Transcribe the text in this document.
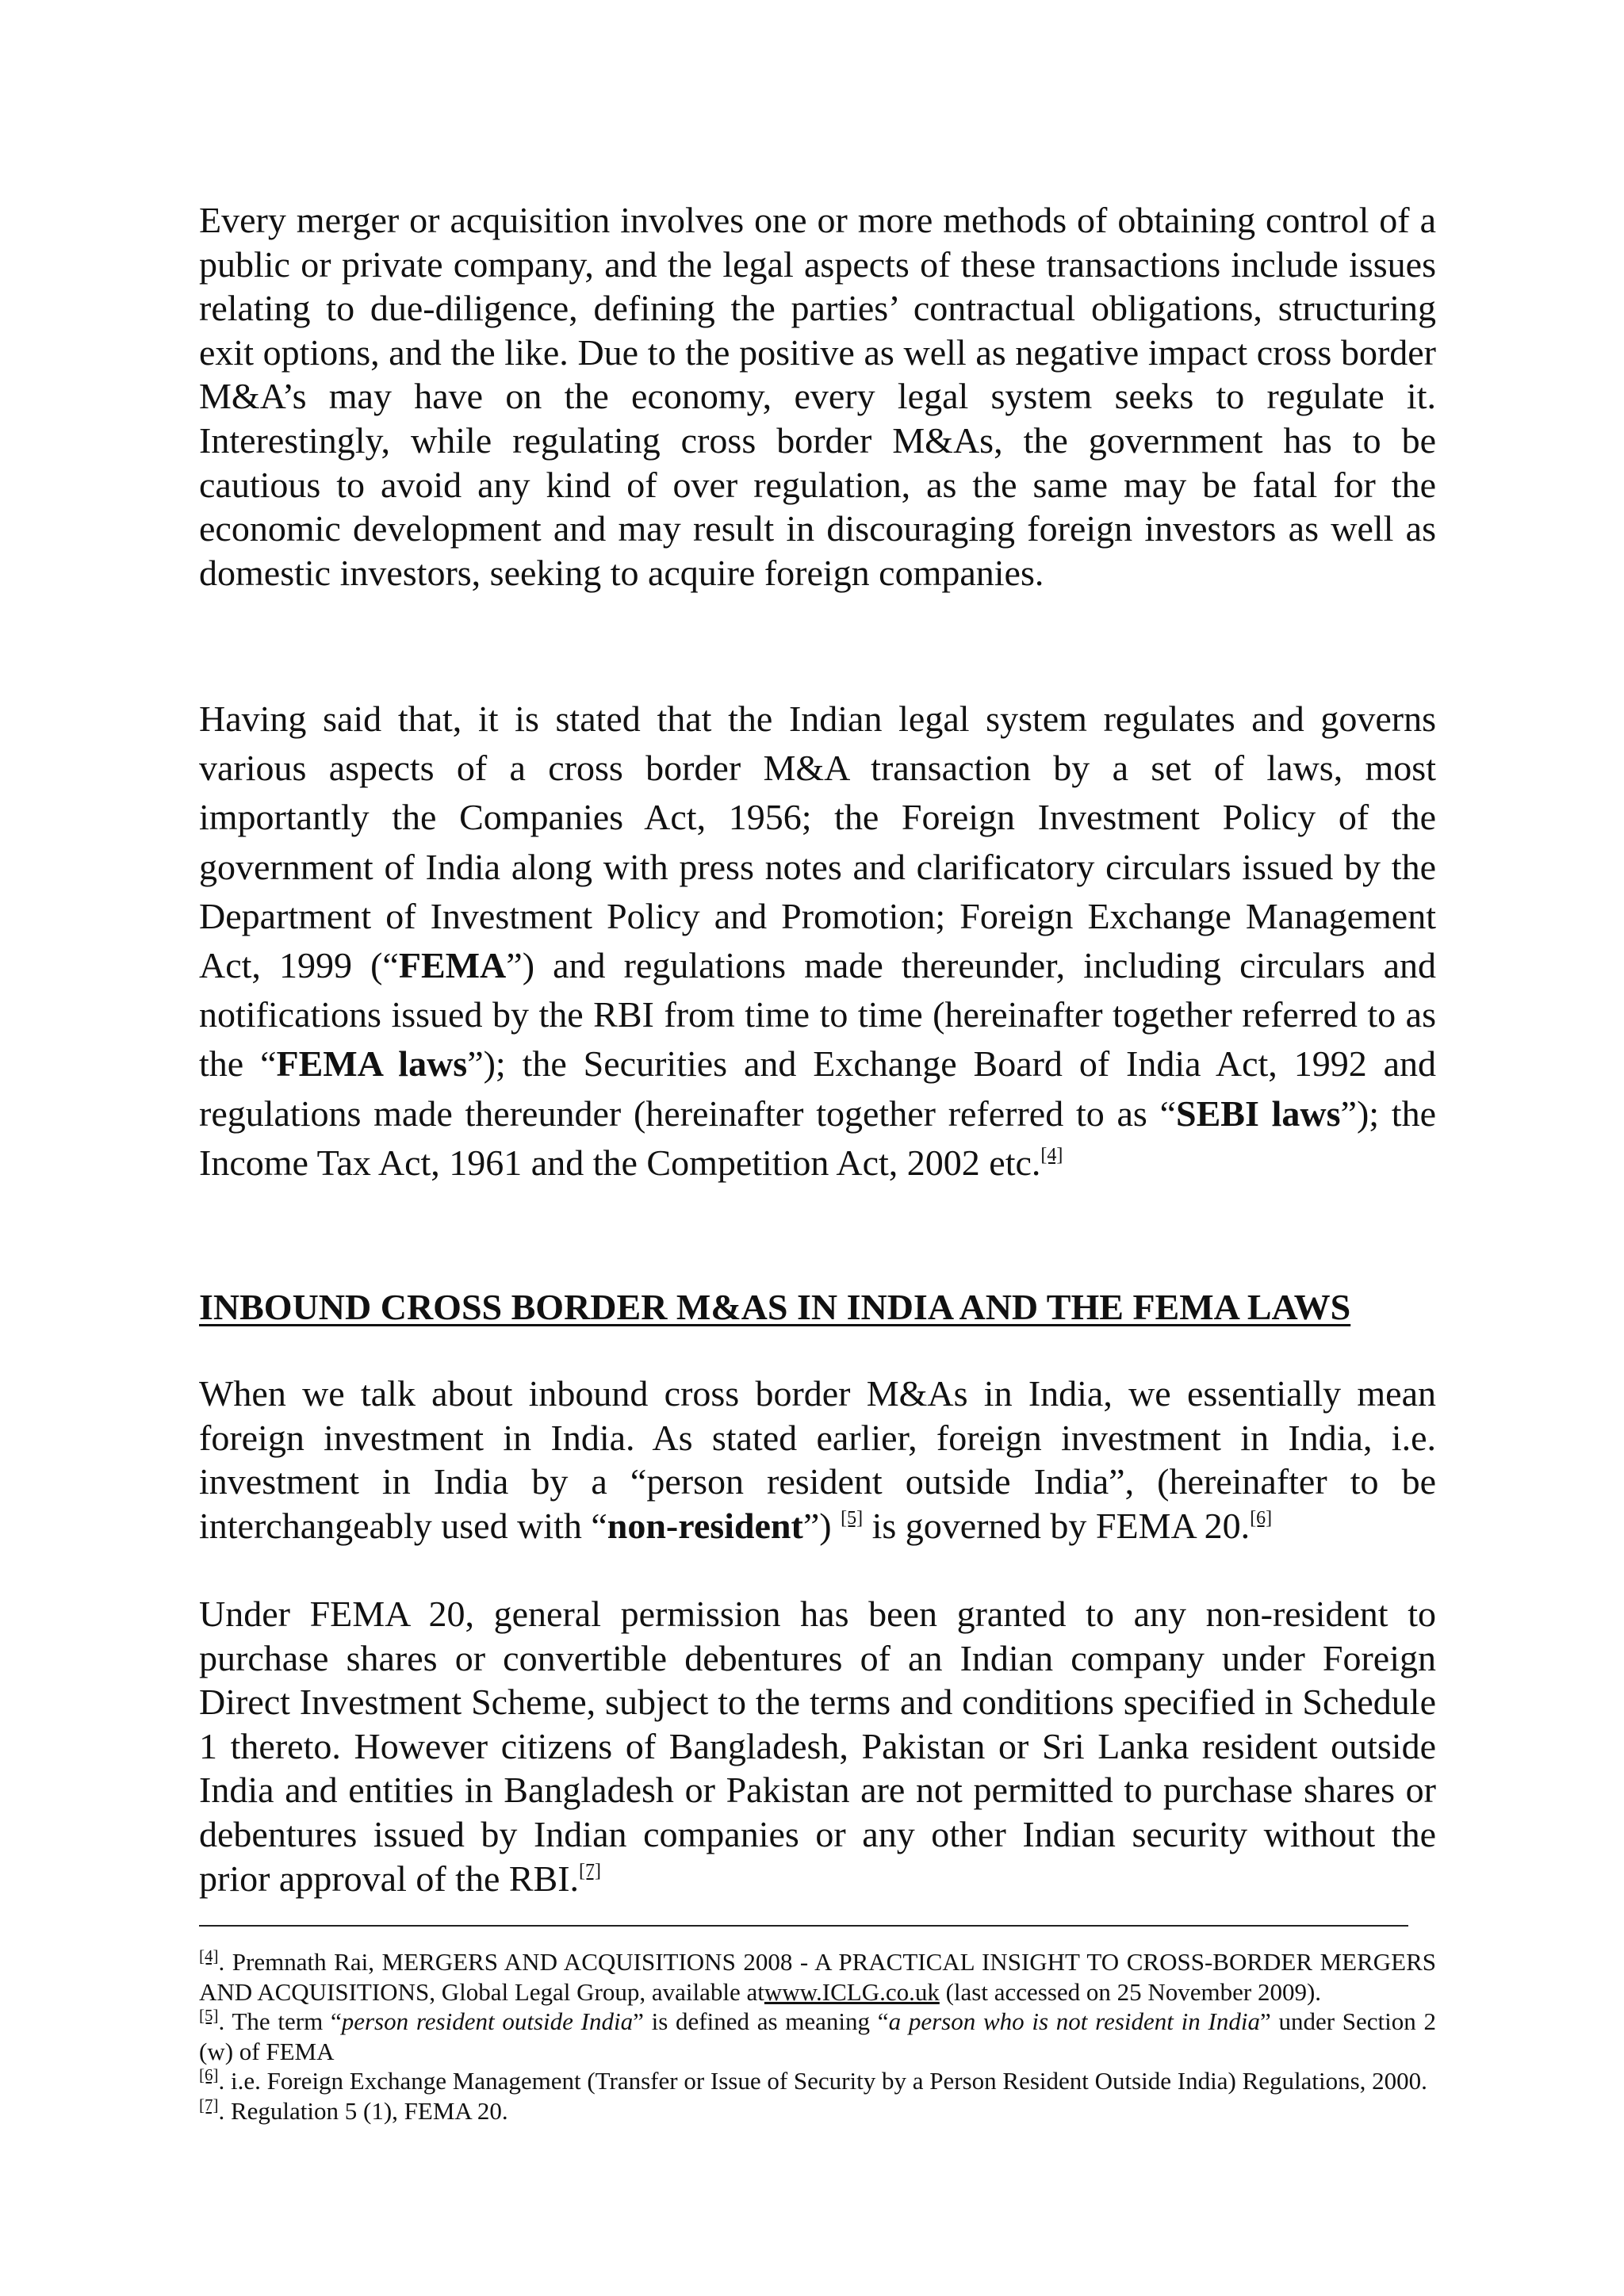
Every merger or acquisition involves one or more methods of obtaining control of a public or private company, and the legal aspects of these transactions include issues relating to due-diligence, defining the parties’ contractual obligations, structuring exit options, and the like. Due to the positive as well as negative impact cross border M&A’s may have on the economy, every legal system seeks to regulate it. Interestingly, while regulating cross border M&As, the government has to be cautious to avoid any kind of over regulation, as the same may be fatal for the economic development and may result in discouraging foreign investors as well as domestic investors, seeking to acquire foreign companies.

Having said that, it is stated that the Indian legal system regulates and governs various aspects of a cross border M&A transaction by a set of laws, most importantly the Companies Act, 1956; the Foreign Investment Policy of the government of India along with press notes and clarificatory circulars issued by the Department of Investment Policy and Promotion; Foreign Exchange Management Act, 1999 (“FEMA”) and regulations made thereunder, including circulars and notifications issued by the RBI from time to time (hereinafter together referred to as the “FEMA laws”); the Securities and Exchange Board of India Act, 1992 and regulations made thereunder (hereinafter together referred to as “SEBI laws”); the Income Tax Act, 1961 and the Competition Act, 2002 etc.[4]

INBOUND CROSS BORDER M&AS IN INDIA AND THE FEMA LAWS

When we talk about inbound cross border M&As in India, we essentially mean foreign investment in India. As stated earlier, foreign investment in India, i.e. investment in India by a “person resident outside India”, (hereinafter to be interchangeably used with “non-resident”) [5] is governed by FEMA 20.[6]

Under FEMA 20, general permission has been granted to any non-resident to purchase shares or convertible debentures of an Indian company under Foreign Direct Investment Scheme, subject to the terms and conditions specified in Schedule 1 thereto. However citizens of Bangladesh, Pakistan or Sri Lanka resident outside India and entities in Bangladesh or Pakistan are not permitted to purchase shares or debentures issued by Indian companies or any other Indian security without the prior approval of the RBI.[7]

[4]. Premnath Rai, MERGERS AND ACQUISITIONS 2008 - A PRACTICAL INSIGHT TO CROSS-BORDER MERGERS AND ACQUISITIONS, Global Legal Group, available atwww.ICLG.co.uk (last accessed on 25 November 2009).

[5]. The term “person resident outside India” is defined as meaning “a person who is not resident in India” under Section 2 (w) of FEMA

[6]. i.e. Foreign Exchange Management (Transfer or Issue of Security by a Person Resident Outside India) Regulations, 2000.

[7]. Regulation 5 (1), FEMA 20.
